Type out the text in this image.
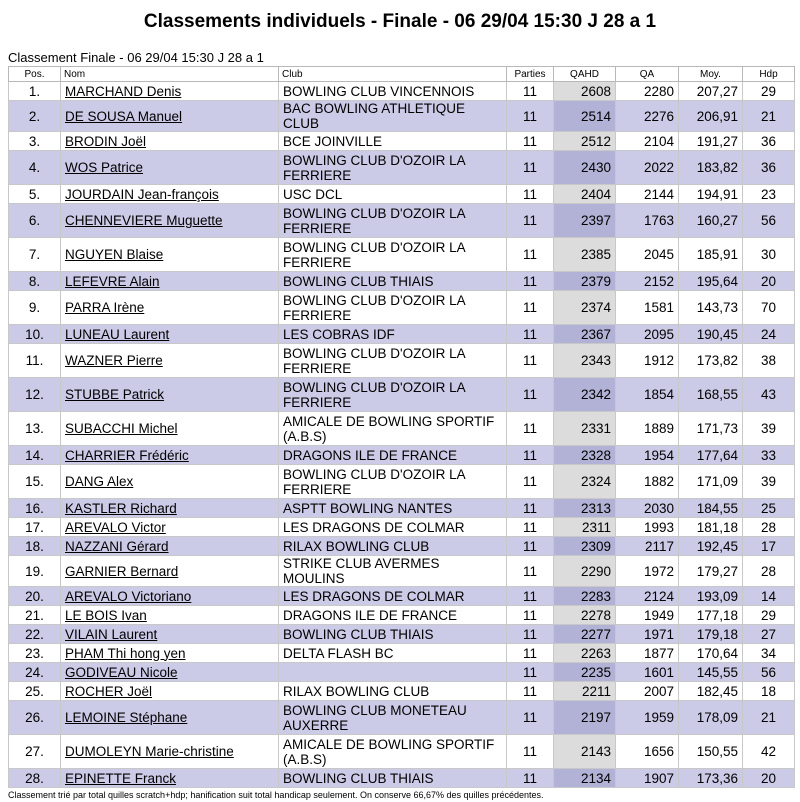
Classements individuels - Finale - 06 29/04 15:30 J 28 a 1
Classement Finale - 06 29/04 15:30 J 28 a 1
Pos.	Nom	Club	Parties	QAHD	QA	Moy.	Hdp
1.	MARCHAND Denis	BOWLING CLUB VINCENNOIS	11	2608	2280	207,27	29
2.	DE SOUSA Manuel	BAC BOWLING ATHLETIQUE CLUB	11	2514	2276	206,91	21
3.	BRODIN Joël	BCE JOINVILLE	11	2512	2104	191,27	36
4.	WOS Patrice	BOWLING CLUB D'OZOIR LA FERRIERE	11	2430	2022	183,82	36
5.	JOURDAIN Jean-françois	USC DCL	11	2404	2144	194,91	23
6.	CHENNEVIERE Muguette	BOWLING CLUB D'OZOIR LA FERRIERE	11	2397	1763	160,27	56
7.	NGUYEN Blaise	BOWLING CLUB D'OZOIR LA FERRIERE	11	2385	2045	185,91	30
8.	LEFEVRE Alain	BOWLING CLUB THIAIS	11	2379	2152	195,64	20
9.	PARRA Irène	BOWLING CLUB D'OZOIR LA FERRIERE	11	2374	1581	143,73	70
10.	LUNEAU Laurent	LES COBRAS IDF	11	2367	2095	190,45	24
11.	WAZNER Pierre	BOWLING CLUB D'OZOIR LA FERRIERE	11	2343	1912	173,82	38
12.	STUBBE Patrick	BOWLING CLUB D'OZOIR LA FERRIERE	11	2342	1854	168,55	43
13.	SUBACCHI Michel	AMICALE DE BOWLING SPORTIF (A.B.S)	11	2331	1889	171,73	39
14.	CHARRIER Frédéric	DRAGONS ILE DE FRANCE	11	2328	1954	177,64	33
15.	DANG Alex	BOWLING CLUB D'OZOIR LA FERRIERE	11	2324	1882	171,09	39
16.	KASTLER Richard	ASPTT BOWLING NANTES	11	2313	2030	184,55	25
17.	AREVALO Victor	LES DRAGONS DE COLMAR	11	2311	1993	181,18	28
18.	NAZZANI Gérard	RILAX BOWLING CLUB	11	2309	2117	192,45	17
19.	GARNIER Bernard	STRIKE CLUB AVERMES MOULINS	11	2290	1972	179,27	28
20.	AREVALO Victoriano	LES DRAGONS DE COLMAR	11	2283	2124	193,09	14
21.	LE BOIS Ivan	DRAGONS ILE DE FRANCE	11	2278	1949	177,18	29
22.	VILAIN Laurent	BOWLING CLUB THIAIS	11	2277	1971	179,18	27
23.	PHAM Thi hong yen	DELTA FLASH BC	11	2263	1877	170,64	34
24.	GODIVEAU Nicole		11	2235	1601	145,55	56
25.	ROCHER Joël	RILAX BOWLING CLUB	11	2211	2007	182,45	18
26.	LEMOINE Stéphane	BOWLING CLUB MONETEAU AUXERRE	11	2197	1959	178,09	21
27.	DUMOLEYN Marie-christine	AMICALE DE BOWLING SPORTIF (A.B.S)	11	2143	1656	150,55	42
28.	EPINETTE Franck	BOWLING CLUB THIAIS	11	2134	1907	173,36	20
Classement trié par total quilles scratch+hdp; hanification suit total handicap seulement. On conserve 66,67% des quilles précédentes.
